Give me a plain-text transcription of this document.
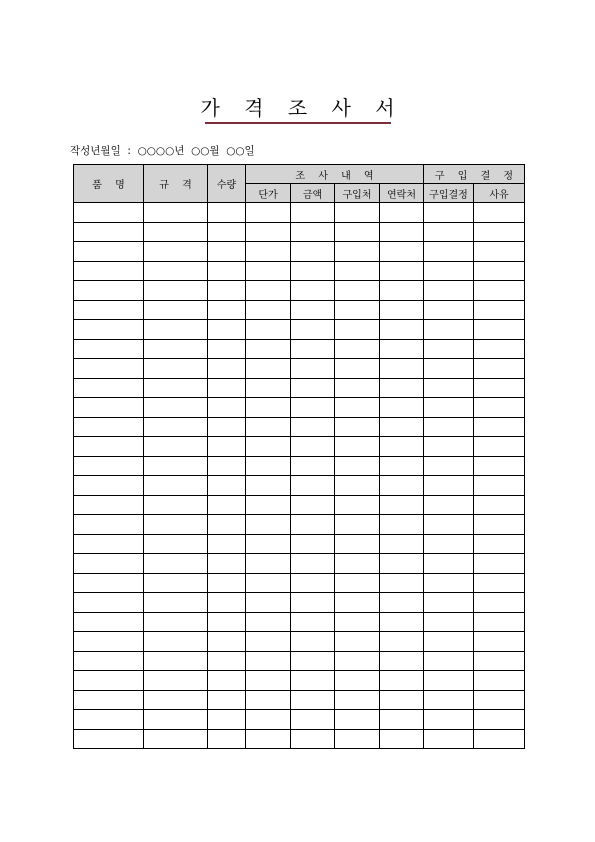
가 격 조 사 서
작성년월일  :  ○○○○년  ○○월  ○○일
품 명	규 격	수량	조 사 내 역				구 입 결 정	
			단가	금액	구입처	연락처	구입결정	사유
